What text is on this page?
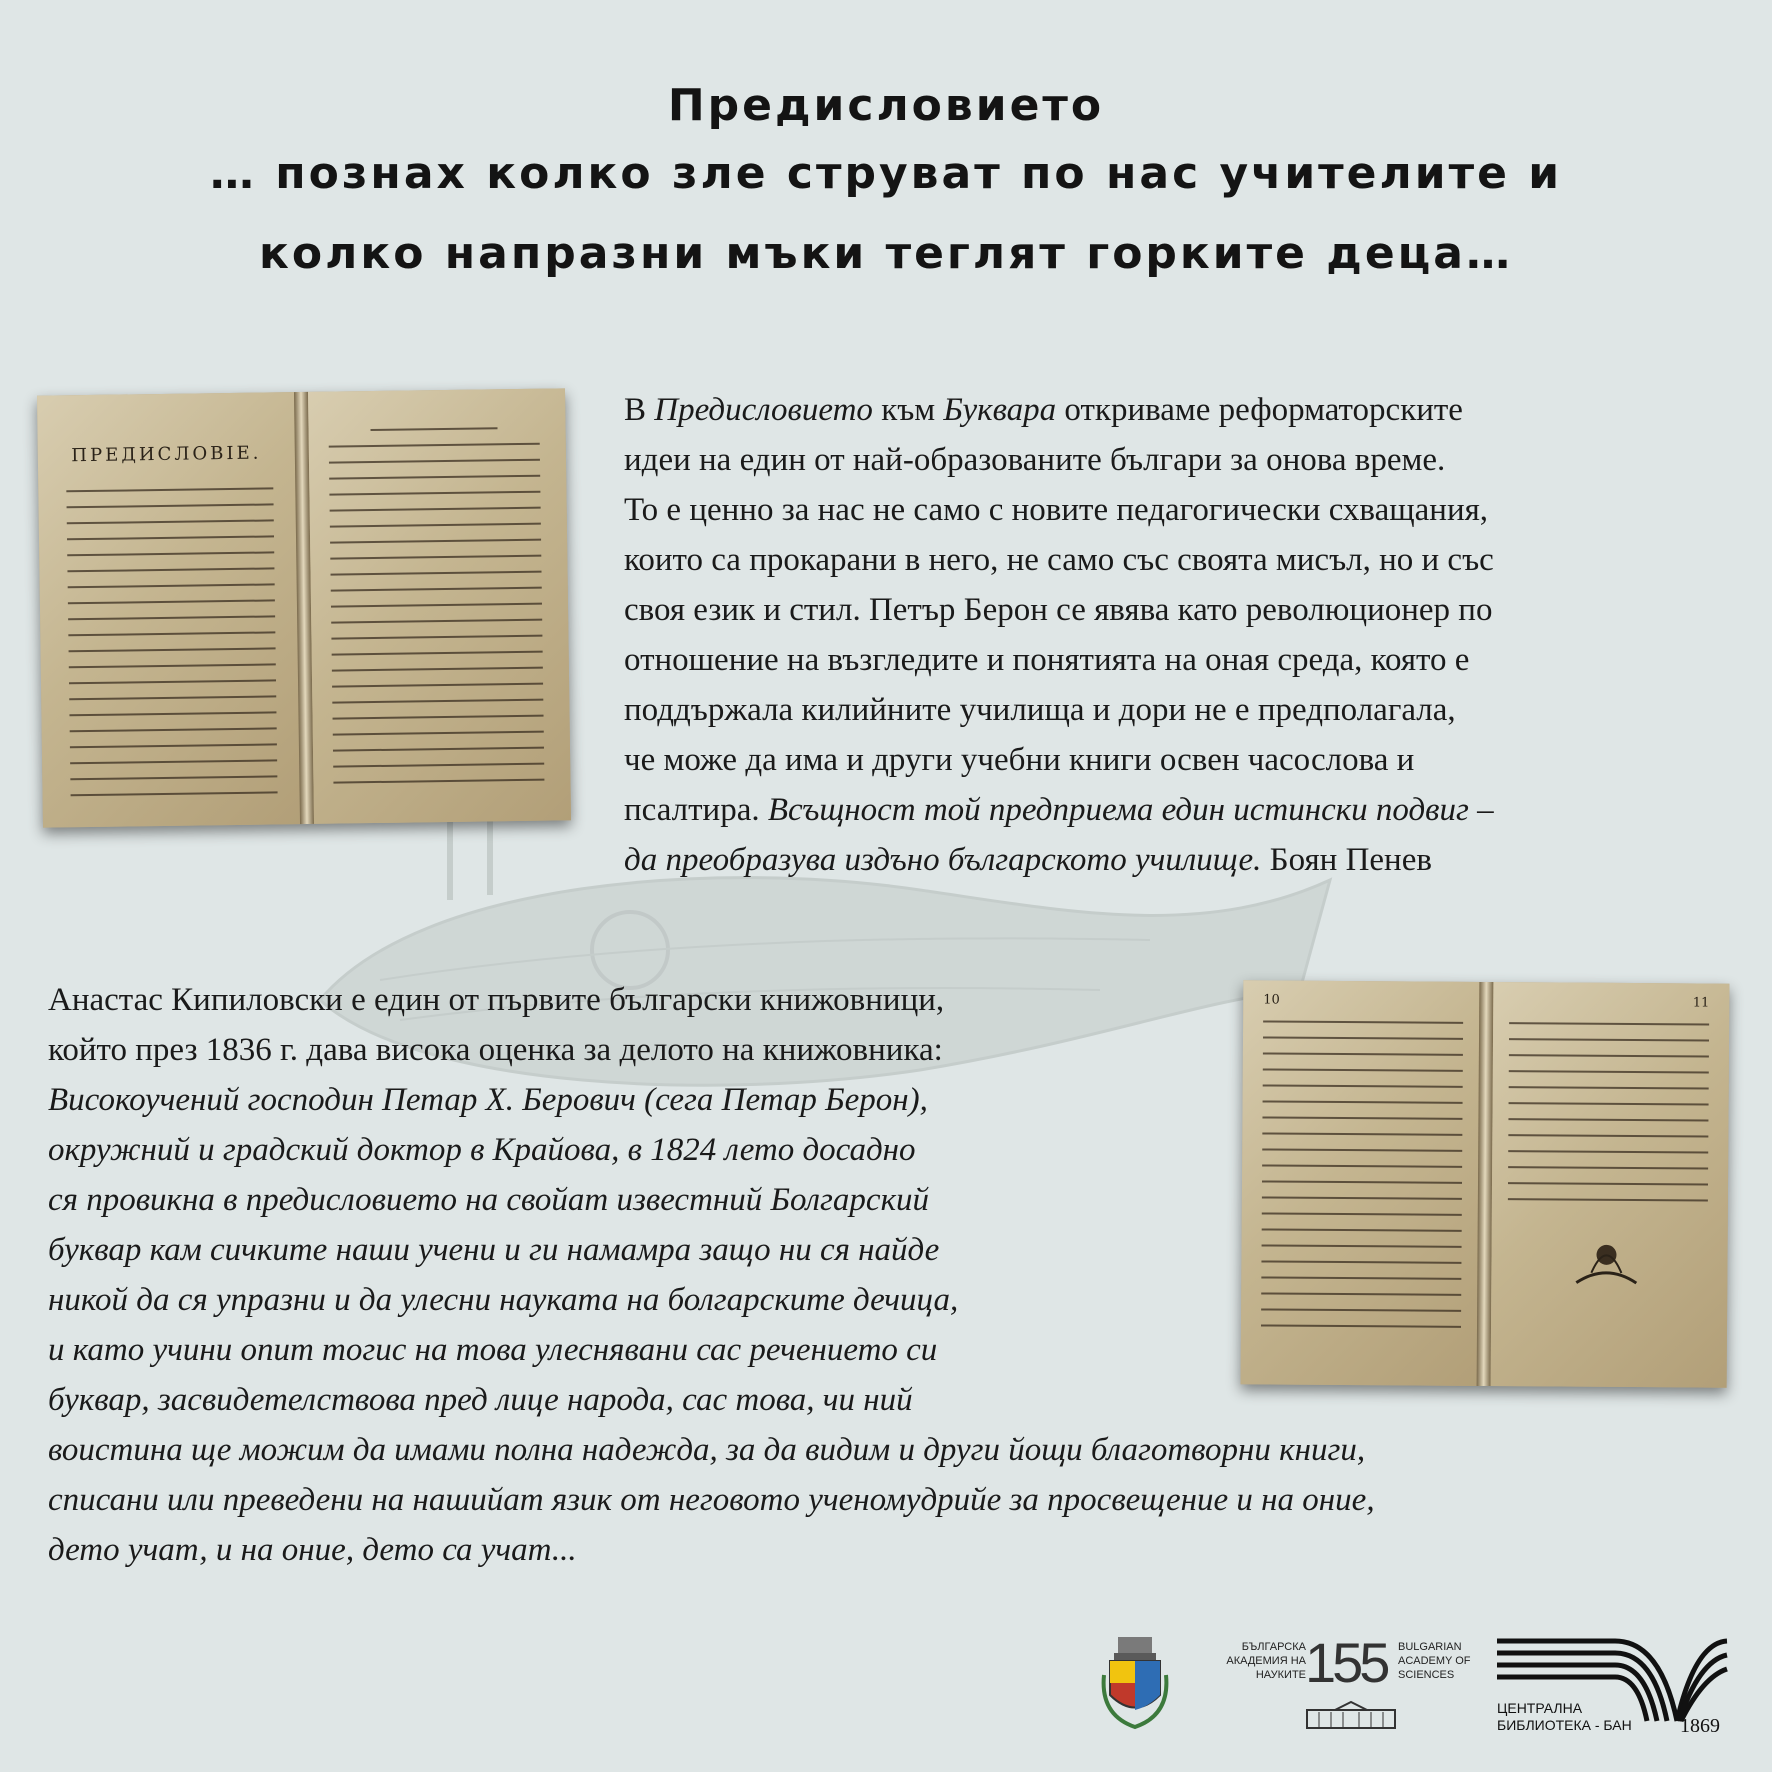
Предисловието
… познах колко зле струват по нас учителите и
колко напразни мъки теглят горките деца…
ПРЕДИСЛОВІЕ.
В Предисловието към Буквара откриваме реформаторските
идеи на един от най-образованите българи за онова време.
То е ценно за нас не само с новите педагогически схващания,
които са прокарани в него, не само със своята мисъл, но и със
своя език и стил. Петър Берон се явява като революционер по
отношение на възгледите и понятията на оная среда, която е
поддържала килийните училища и дори не е предполагала,
че може да има и други учебни книги освен часослова и
псалтира. Всъщност той предприема един истински подвиг –
да преобразува издъно българското училище. Боян Пенев
10	11
Анастас Кипиловски е един от първите български книжовници,
който през 1836 г. дава висока оценка за делото на книжовника:
Високоучений господин Петар Х. Берович (сега Петар Берон),
окружний и градский доктор в Крайова, в 1824 лето досадно
ся провикна в предисловието на свойат известний Болгарский
буквар кам сичките наши учени и ги намамра защо ни ся найде
никой да ся упразни и да улесни науката на болгарските дечица,
и като учини опит тогис на това улеснявани сас речението си
буквар, засвидетелствова пред лице народа, сас това, чи ний
воистина ще можим да имами полна надежда, за да видим и други йощи благотворни книги,
списани или преведени на нашийат язик от неговото ученомудрийе за просвещение и на оние,
дето учат, и на оние, дето са учат...
БЪЛГАРСКА АКАДЕМИЯ НА НАУКИТЕ 155 BULGARIAN ACADEMY OF SCIENCES
ЦЕНТРАЛНА
БИБЛИОТЕКА - БАН 1869
